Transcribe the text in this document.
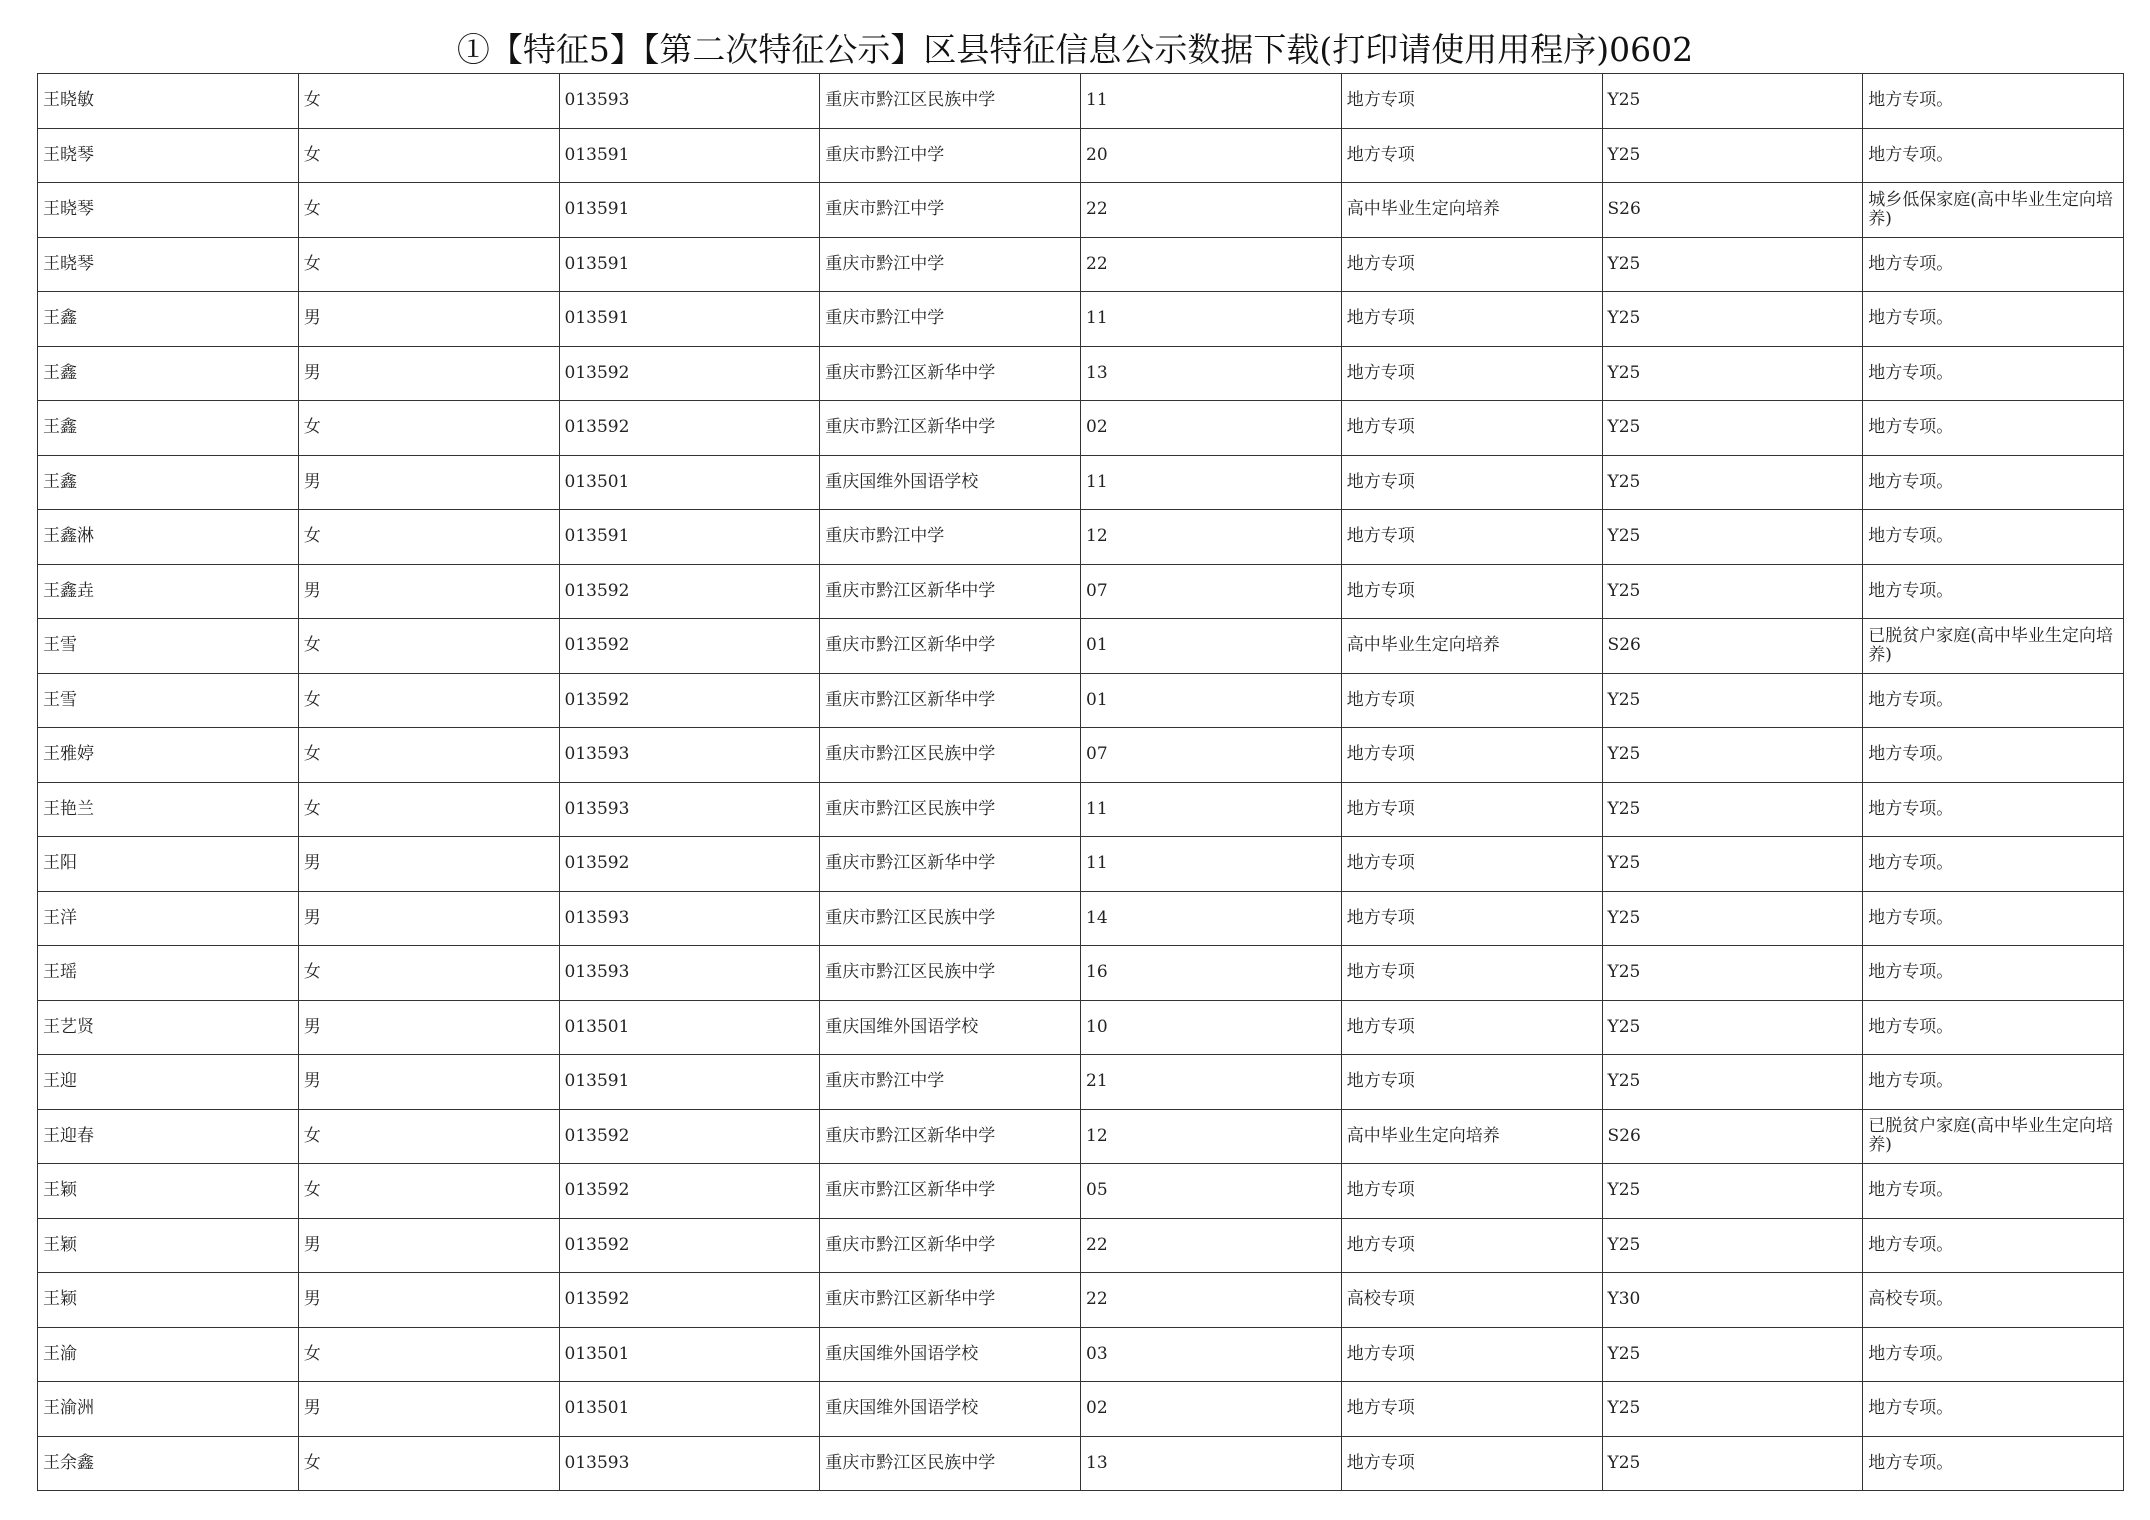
①【特征5】【第二次特征公示】区县特征信息公示数据下载(打印请使用用程序)0602
王晓敏	女	013593	重庆市黔江区民族中学	11	地方专项	Y25	地方专项。
王晓琴	女	013591	重庆市黔江中学	20	地方专项	Y25	地方专项。
王晓琴	女	013591	重庆市黔江中学	22	高中毕业生定向培养	S26	城乡低保家庭(高中毕业生定向培养)
王晓琴	女	013591	重庆市黔江中学	22	地方专项	Y25	地方专项。
王鑫	男	013591	重庆市黔江中学	11	地方专项	Y25	地方专项。
王鑫	男	013592	重庆市黔江区新华中学	13	地方专项	Y25	地方专项。
王鑫	女	013592	重庆市黔江区新华中学	02	地方专项	Y25	地方专项。
王鑫	男	013501	重庆国维外国语学校	11	地方专项	Y25	地方专项。
王鑫淋	女	013591	重庆市黔江中学	12	地方专项	Y25	地方专项。
王鑫垚	男	013592	重庆市黔江区新华中学	07	地方专项	Y25	地方专项。
王雪	女	013592	重庆市黔江区新华中学	01	高中毕业生定向培养	S26	已脱贫户家庭(高中毕业生定向培养)
王雪	女	013592	重庆市黔江区新华中学	01	地方专项	Y25	地方专项。
王雅婷	女	013593	重庆市黔江区民族中学	07	地方专项	Y25	地方专项。
王艳兰	女	013593	重庆市黔江区民族中学	11	地方专项	Y25	地方专项。
王阳	男	013592	重庆市黔江区新华中学	11	地方专项	Y25	地方专项。
王洋	男	013593	重庆市黔江区民族中学	14	地方专项	Y25	地方专项。
王瑶	女	013593	重庆市黔江区民族中学	16	地方专项	Y25	地方专项。
王艺贤	男	013501	重庆国维外国语学校	10	地方专项	Y25	地方专项。
王迎	男	013591	重庆市黔江中学	21	地方专项	Y25	地方专项。
王迎春	女	013592	重庆市黔江区新华中学	12	高中毕业生定向培养	S26	已脱贫户家庭(高中毕业生定向培养)
王颖	女	013592	重庆市黔江区新华中学	05	地方专项	Y25	地方专项。
王颖	男	013592	重庆市黔江区新华中学	22	地方专项	Y25	地方专项。
王颖	男	013592	重庆市黔江区新华中学	22	高校专项	Y30	高校专项。
王渝	女	013501	重庆国维外国语学校	03	地方专项	Y25	地方专项。
王渝洲	男	013501	重庆国维外国语学校	02	地方专项	Y25	地方专项。
王余鑫	女	013593	重庆市黔江区民族中学	13	地方专项	Y25	地方专项。
